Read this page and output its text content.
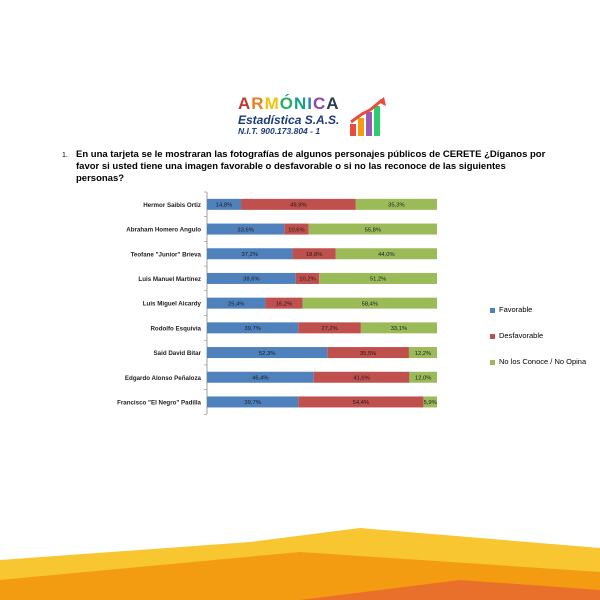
ARMÓNICA
Estadística S.A.S.
N.I.T. 900.173.804 - 1
1. En una tarjeta se le mostraran las fotografías de algunos personajes públicos de CERETE ¿Díganos por favor si usted tiene una imagen favorable o desfavorable o si no las reconoce de las siguientes personas?
Hermor Saibis Ortiz	14,8%	49,9%	35,3%
Abraham Homero Angulo	33,6%	10,6%	55,8%
Teofane "Junior" Brieva	37,2%	18,8%	44,0%
Luis Manuel Martínez	38,6%	10,2%	51,2%
Luis Miguel Aicardy	25,4%	16,2%	58,4%
Rodolfo Esquivia	39,7%	27,2%	33,1%
Said David Bitar	52,3%	35,5%	12,2%
Edgardo Alonso Peñaloza	46,4%	41,6%	12,0%
Francisco "El Negro" Padilla	39,7%	54,4%	5,9%
Favorable
Desfavorable
No los Conoce / No Opina
